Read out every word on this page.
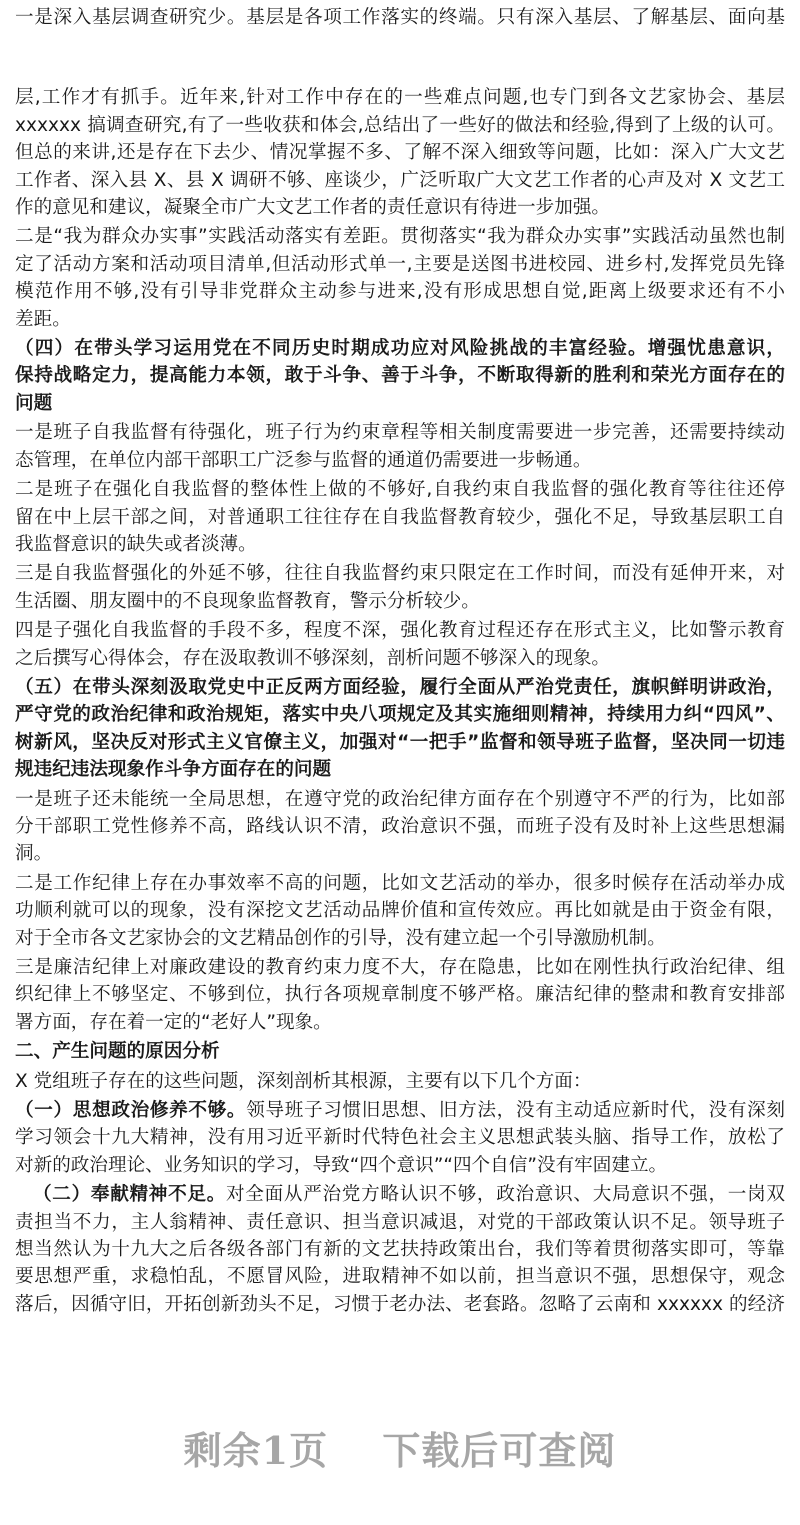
一是深入基层调查研究少。基层是各项工作落实的终端。只有深入基层、了解基层、面向基
层,工作才有抓手。近年来,针对工作中存在的一些难点问题,也专门到各文艺家协会、基层
xxxxxx 搞调查研究,有了一些收获和体会,总结出了一些好的做法和经验,得到了上级的认可。
但总的来讲,还是存在下去少、情况掌握不多、了解不深入细致等问题，比如：深入广大文艺
工作者、深入县 X、县 X 调研不够、座谈少，广泛听取广大文艺工作者的心声及对 X 文艺工
作的意见和建议，凝聚全市广大文艺工作者的责任意识有待进一步加强。
二是“我为群众办实事”实践活动落实有差距。贯彻落实“我为群众办实事”实践活动虽然也制
定了活动方案和活动项目清单,但活动形式单一,主要是送图书进校园、进乡村,发挥党员先锋
模范作用不够,没有引导非党群众主动参与进来,没有形成思想自觉,距离上级要求还有不小
差距。
（四）在带头学习运用党在不同历史时期成功应对风险挑战的丰富经验。增强忧患意识，
保持战略定力，提高能力本领，敢于斗争、善于斗争，不断取得新的胜利和荣光方面存在的
问题
一是班子自我监督有待强化，班子行为约束章程等相关制度需要进一步完善，还需要持续动
态管理，在单位内部干部职工广泛参与监督的通道仍需要进一步畅通。
二是班子在强化自我监督的整体性上做的不够好,自我约束自我监督的强化教育等往往还停
留在中上层干部之间，对普通职工往往存在自我监督教育较少，强化不足，导致基层职工自
我监督意识的缺失或者淡薄。
三是自我监督强化的外延不够，往往自我监督约束只限定在工作时间，而没有延伸开来，对
生活圈、朋友圈中的不良现象监督教育，警示分析较少。
四是子强化自我监督的手段不多，程度不深，强化教育过程还存在形式主义，比如警示教育
之后撰写心得体会，存在汲取教训不够深刻，剖析问题不够深入的现象。
（五）在带头深刻汲取党史中正反两方面经验，履行全面从严治党责任，旗帜鲜明讲政治，
严守党的政治纪律和政治规矩，落实中央八项规定及其实施细则精神，持续用力纠“四风”、
树新风，坚决反对形式主义官僚主义，加强对“一把手”监督和领导班子监督，坚决同一切违
规违纪违法现象作斗争方面存在的问题
一是班子还未能统一全局思想，在遵守党的政治纪律方面存在个别遵守不严的行为，比如部
分干部职工党性修养不高，路线认识不清，政治意识不强，而班子没有及时补上这些思想漏
洞。
二是工作纪律上存在办事效率不高的问题，比如文艺活动的举办，很多时候存在活动举办成
功顺利就可以的现象，没有深挖文艺活动品牌价值和宣传效应。再比如就是由于资金有限，
对于全市各文艺家协会的文艺精品创作的引导，没有建立起一个引导激励机制。
三是廉洁纪律上对廉政建设的教育约束力度不大，存在隐患，比如在刚性执行政治纪律、组
织纪律上不够坚定、不够到位，执行各项规章制度不够严格。廉洁纪律的整肃和教育安排部
署方面，存在着一定的“老好人”现象。
二、产生问题的原因分析
X 党组班子存在的这些问题，深刻剖析其根源，主要有以下几个方面：
（一）思想政治修养不够。领导班子习惯旧思想、旧方法，没有主动适应新时代，没有深刻
学习领会十九大精神，没有用习近平新时代特色社会主义思想武装头脑、指导工作，放松了
对新的政治理论、业务知识的学习，导致“四个意识”“四个自信”没有牢固建立。
（二）奉献精神不足。对全面从严治党方略认识不够，政治意识、大局意识不强，一岗双
责担当不力，主人翁精神、责任意识、担当意识减退，对党的干部政策认识不足。领导班子
想当然认为十九大之后各级各部门有新的文艺扶持政策出台，我们等着贯彻落实即可，等靠
要思想严重，求稳怕乱，不愿冒风险，进取精神不如以前，担当意识不强，思想保守，观念
落后，因循守旧，开拓创新劲头不足，习惯于老办法、老套路。忽略了云南和 xxxxxx 的经济
剩余1页 下载后可查阅
